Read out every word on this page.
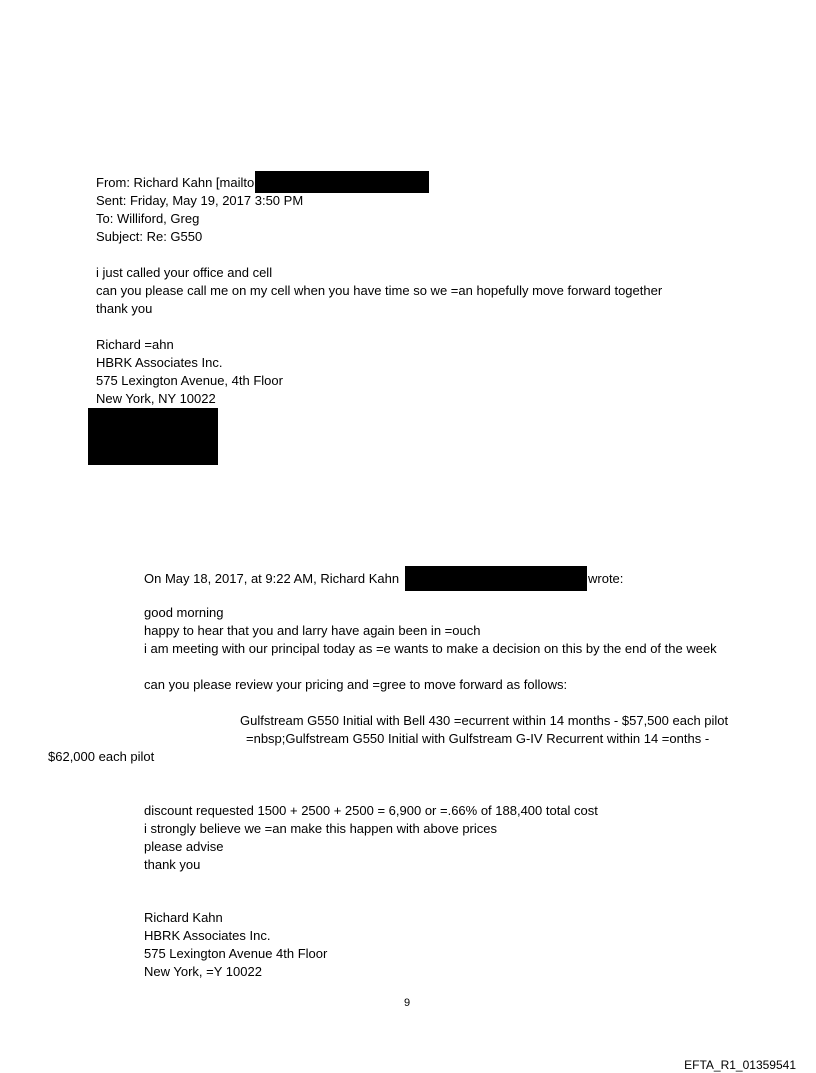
From: Richard Kahn [mailto
Sent: Friday, May 19, 2017 3:50 PM
To: Williford, Greg
Subject: Re: G550
i just called your office and cell
can you please call me on my cell when you have time so we =an hopefully move forward together
thank you
Richard =ahn
HBRK Associates Inc.
575 Lexington Avenue, 4th Floor
New York, NY 10022
On May 18, 2017, at 9:22 AM, Richard Kahn	wrote:
good morning
happy to hear that you and larry have again been in =ouch
i am meeting with our principal today as =e wants to make a decision on this by the end of the week
can you please review your pricing and =gree to move forward as follows:
Gulfstream G550 Initial with Bell 430 =ecurrent within 14 months - $57,500 each pilot
=nbsp;Gulfstream G550 Initial with Gulfstream G-IV Recurrent within 14 =onths -
$62,000 each pilot
discount requested 1500 + 2500 + 2500 = 6,900 or =.66% of 188,400 total cost
i strongly believe we =an make this happen with above prices
please advise
thank you
Richard Kahn
HBRK Associates Inc.
575 Lexington Avenue 4th Floor
New York, =Y 10022
9
EFTA_R1_01359541
